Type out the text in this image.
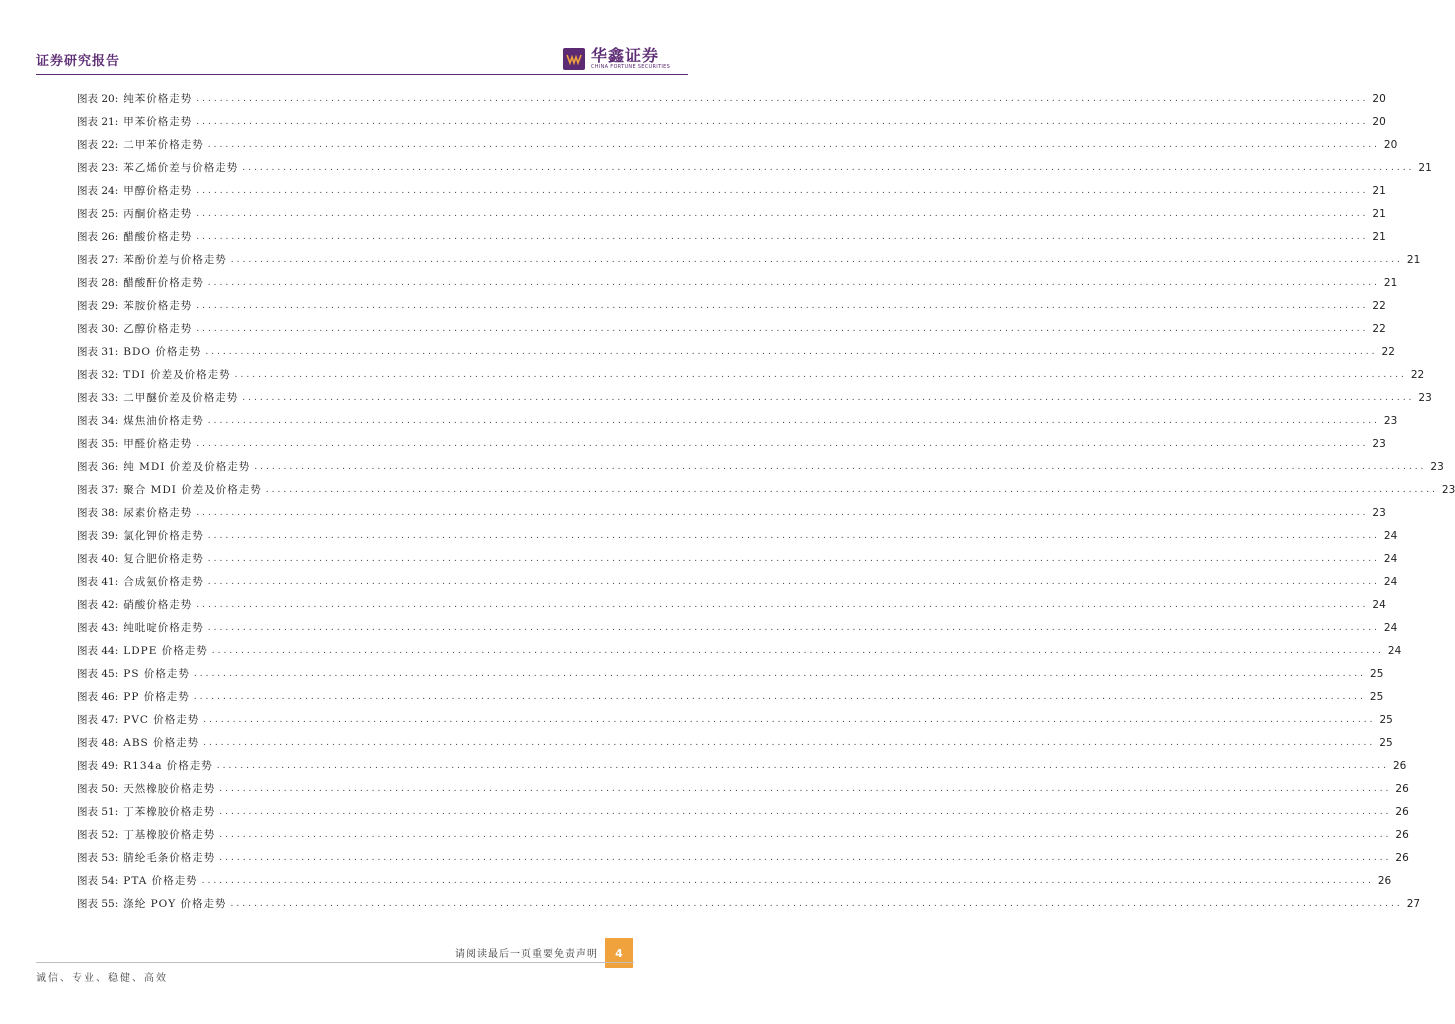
证券研究报告	华鑫证券
CHINA FORTUNE SECURITIES
图表 20: 纯苯价格走势 ........................................................................................................................................................................................................ 20
图表 21: 甲苯价格走势 ........................................................................................................................................................................................................ 20
图表 22: 二甲苯价格走势 ........................................................................................................................................................................................................ 20
图表 23: 苯乙烯价差与价格走势 ........................................................................................................................................................................................................ 21
图表 24: 甲醇价格走势 ........................................................................................................................................................................................................ 21
图表 25: 丙酮价格走势 ........................................................................................................................................................................................................ 21
图表 26: 醋酸价格走势 ........................................................................................................................................................................................................ 21
图表 27: 苯酚价差与价格走势 ........................................................................................................................................................................................................ 21
图表 28: 醋酸酐价格走势 ........................................................................................................................................................................................................ 21
图表 29: 苯胺价格走势 ........................................................................................................................................................................................................ 22
图表 30: 乙醇价格走势 ........................................................................................................................................................................................................ 22
图表 31: BDO 价格走势 ........................................................................................................................................................................................................ 22
图表 32: TDI 价差及价格走势 ........................................................................................................................................................................................................ 22
图表 33: 二甲醚价差及价格走势 ........................................................................................................................................................................................................ 23
图表 34: 煤焦油价格走势 ........................................................................................................................................................................................................ 23
图表 35: 甲醛价格走势 ........................................................................................................................................................................................................ 23
图表 36: 纯 MDI 价差及价格走势 ........................................................................................................................................................................................................ 23
图表 37: 聚合 MDI 价差及价格走势 ........................................................................................................................................................................................................ 23
图表 38: 尿素价格走势 ........................................................................................................................................................................................................ 23
图表 39: 氯化钾价格走势 ........................................................................................................................................................................................................ 24
图表 40: 复合肥价格走势 ........................................................................................................................................................................................................ 24
图表 41: 合成氨价格走势 ........................................................................................................................................................................................................ 24
图表 42: 硝酸价格走势 ........................................................................................................................................................................................................ 24
图表 43: 纯吡啶价格走势 ........................................................................................................................................................................................................ 24
图表 44: LDPE 价格走势 ........................................................................................................................................................................................................ 24
图表 45: PS 价格走势 ........................................................................................................................................................................................................ 25
图表 46: PP 价格走势 ........................................................................................................................................................................................................ 25
图表 47: PVC 价格走势 ........................................................................................................................................................................................................ 25
图表 48: ABS 价格走势 ........................................................................................................................................................................................................ 25
图表 49: R134a 价格走势 ........................................................................................................................................................................................................ 26
图表 50: 天然橡胶价格走势 ........................................................................................................................................................................................................ 26
图表 51: 丁苯橡胶价格走势 ........................................................................................................................................................................................................ 26
图表 52: 丁基橡胶价格走势 ........................................................................................................................................................................................................ 26
图表 53: 腈纶毛条价格走势 ........................................................................................................................................................................................................ 26
图表 54: PTA 价格走势 ........................................................................................................................................................................................................ 26
图表 55: 涤纶 POY 价格走势 ........................................................................................................................................................................................................ 27
请阅读最后一页重要免责声明	4
诚信、专业、稳健、高效
